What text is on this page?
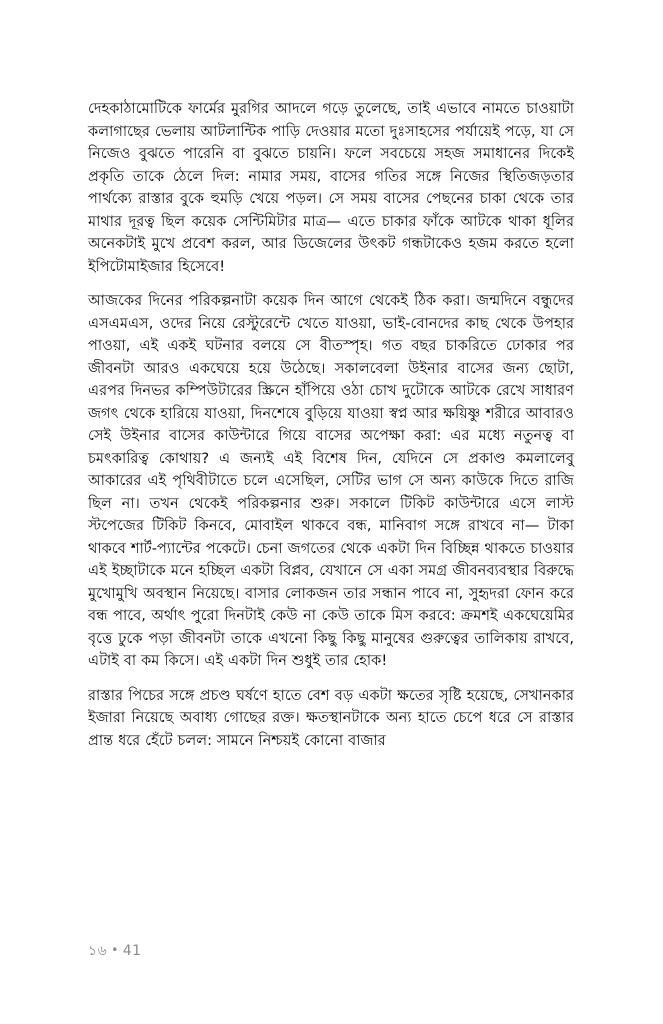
দেহকাঠামোটিকে ফার্মের মুরগির আদলে গড়ে তুলেছে, তাই এভাবে নামতে চাওয়াটা কলাগাছের ভেলায় আটলান্টিক পাড়ি দেওয়ার মতো দুঃসাহসের পর্যায়েই পড়ে, যা সে নিজেও বুঝতে পারেনি বা বুঝতে চায়নি। ফলে সবচেয়ে সহজ সমাধানের দিকেই প্রকৃতি তাকে ঠেলে দিল: নামার সময়, বাসের গতির সঙ্গে নিজের স্থিতিজড়তার পার্থক্যে রাস্তার বুকে হুমড়ি খেয়ে পড়ল। সে সময় বাসের পেছনের চাকা থেকে তার মাথার দূরত্ব ছিল কয়েক সেন্টিমিটার মাত্র— এতে চাকার ফাঁকে আটকে থাকা ধূলির অনেকটাই মুখে প্রবেশ করল, আর ডিজেলের উৎকট গন্ধটাকেও হজম করতে হলো ইপিটোমাইজার হিসেবে!

আজকের দিনের পরিকল্পনাটা কয়েক দিন আগে থেকেই ঠিক করা। জন্মদিনে বন্ধুদের এসএমএস, ওদের নিয়ে রেস্টুরেন্টে খেতে যাওয়া, ভাই-বোনদের কাছ থেকে উপহার পাওয়া, এই একই ঘটনার বলয়ে সে বীতস্পৃহ। গত বছর চাকরিতে ঢোকার পর জীবনটা আরও একঘেয়ে হয়ে উঠেছে। সকালবেলা উইনার বাসের জন্য ছোটা, এরপর দিনভর কম্পিউটারের স্ক্রিনে হাঁপিয়ে ওঠা চোখ দুটোকে আটকে রেখে সাধারণ জগৎ থেকে হারিয়ে যাওয়া, দিনশেষে বুড়িয়ে যাওয়া স্বপ্ন আর ক্ষয়িষ্ণু শরীরে আবারও সেই উইনার বাসের কাউন্টারে গিয়ে বাসের অপেক্ষা করা: এর মধ্যে নতুনত্ব বা চমৎকারিত্ব কোথায়? এ জন্যই এই বিশেষ দিন, যেদিনে সে প্রকাণ্ড কমলালেবু আকারের এই পৃথিবীটাতে চলে এসেছিল, সেটির ভাগ সে অন্য কাউকে দিতে রাজি ছিল না। তখন থেকেই পরিকল্পনার শুরু। সকালে টিকিট কাউন্টারে এসে লাস্ট স্টপেজের টিকিট কিনবে, মোবাইল থাকবে বন্ধ, মানিবাগ সঙ্গে রাখবে না— টাকা থাকবে শার্ট-প্যান্টের পকেটে। চেনা জগতের থেকে একটা দিন বিচ্ছিন্ন থাকতে চাওয়ার এই ইচ্ছাটাকে মনে হচ্ছিল একটা বিপ্লব, যেখানে সে একা সমগ্র জীবনব্যবস্থার বিরুদ্ধে মুখোমুখি অবস্থান নিয়েছে। বাসার লোকজন তার সন্ধান পাবে না, সুহৃদরা ফোন করে বন্ধ পাবে, অর্থাৎ পুরো দিনটাই কেউ না কেউ তাকে মিস করবে: ক্রমশই একঘেয়েমির বৃত্তে ঢুকে পড়া জীবনটা তাকে এখনো কিছু কিছু মানুষের গুরুত্বের তালিকায় রাখবে, এটাই বা কম কিসে। এই একটা দিন শুধুই তার হোক!

রাস্তার পিচের সঙ্গে প্রচণ্ড ঘর্ষণে হাতে বেশ বড় একটা ক্ষতের সৃষ্টি হয়েছে, সেখানকার ইজারা নিয়েছে অবাধ্য গোছের রক্ত। ক্ষতস্থানটাকে অন্য হাতে চেপে ধরে সে রাস্তার প্রান্ত ধরে হেঁটে চলল: সামনে নিশ্চয়ই কোনো বাজার

১৬ • 41
